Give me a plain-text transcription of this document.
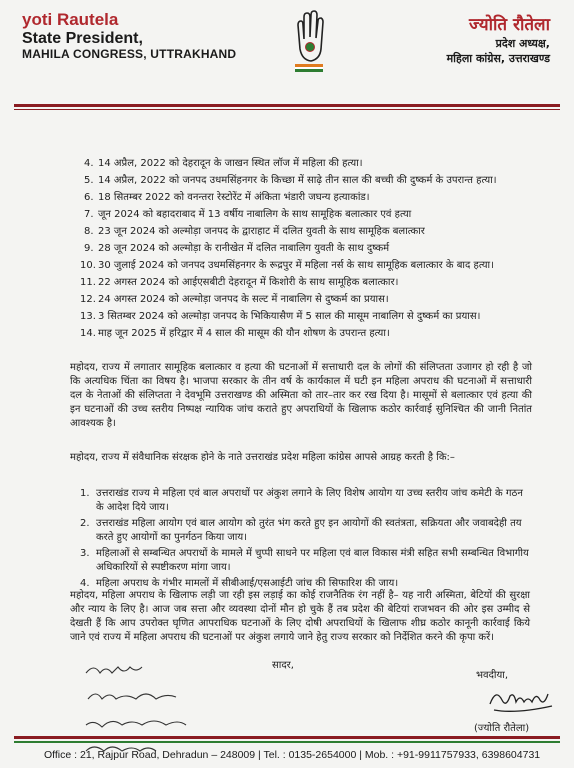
yoti Rautela
State President,
MAHILA CONGRESS, UTTRAKHAND
ज्योति रौतेला
प्रदेश अध्यक्ष,
महिला कांग्रेस, उत्तराखण्ड
4. 14 अप्रैल, 2022 को देहरादून के जाखन स्थित लॉज में महिला की हत्या।
5. 14 अप्रैल, 2022 को जनपद उधमसिंहनगर के किच्छा में साढ़े तीन साल की बच्ची की दुष्कर्म के उपरान्त हत्या।
6. 18 सितम्बर 2022 को वनन्तरा रेस्टोरेंट में अंकिता भंडारी जघन्य हत्याकांड।
7. जून 2024 को बहादराबाद में 13 वर्षीय नाबालिग के साथ सामूहिक बलात्कार एवं हत्या
8. 23 जून 2024 को अल्मोड़ा जनपद के द्वाराहाट में दलित युवती के साथ सामूहिक बलात्कार
9. 28 जून 2024 को अल्मोड़ा के रानीखेत में दलित नाबालिग युवती के साथ दुष्कर्म
10. 30 जुलाई 2024 को जनपद उधमसिंहनगर के रूद्रपुर में महिला नर्स के साथ सामूहिक बलात्कार के बाद हत्या।
11. 22 अगस्त 2024 को आईएसबीटी देहरादून में किशोरी के साथ सामूहिक बलात्कार।
12. 24 अगस्त 2024 को अल्मोड़ा जनपद के सल्ट में नाबालिग से दुष्कर्म का प्रयास।
13. 3 सितम्बर 2024 को अल्मोड़ा जनपद के भिकियासैण में 5 साल की मासूम नाबालिग से दुष्कर्म का प्रयास।
14. माह जून 2025 में हरिद्वार में 4 साल की मासूम की यौन शोषण के उपरान्त हत्या।
महोदय, राज्य में लगातार सामूहिक बलात्कार व हत्या की घटनाओं में सत्ताधारी दल के लोगों की संलिप्तता उजागर हो रही है जो कि अत्यधिक चिंता का विषय है। भाजपा सरकार के तीन वर्ष के कार्यकाल में घटी इन महिला अपराध की घटनाओं में सत्ताधारी दल के नेताओं की संलिप्तता ने देवभूमि उत्तराखण्ड की अस्मिता को तार–तार कर रख दिया है। मासूमों से बलात्कार एवं हत्या की इन घटनाओं की उच्च स्तरीय निष्पक्ष न्यायिक जांच कराते हुए अपराधियों के खिलाफ कठोर कार्रवाई सुनिश्चित की जानी नितांत आवश्यक है।
महोदय, राज्य में संवैधानिक संरक्षक होने के नाते उत्तराखंड प्रदेश महिला कांग्रेस आपसे आग्रह करती है कि:–
1. उत्तराखंड राज्य मे महिला एवं बाल अपराधों पर अंकुश लगाने के लिए विशेष आयोग या उच्च स्तरीय जांच कमेटी के गठन के आदेश दिये जाय।
2. उत्तराखंड महिला आयोग एवं बाल आयोग को तुरंत भंग करते हुए इन आयोगों की स्वतंत्रता, सक्रियता और जवाबदेही तय करते हुए आयोगों का पुनर्गठन किया जाय।
3. महिलाओं से सम्बन्धित अपराधों के मामले में चुप्पी साधने पर महिला एवं बाल विकास मंत्री सहित सभी सम्बन्धित विभागीय अधिकारियों से स्पष्टीकरण मांगा जाय।
4. महिला अपराध के गंभीर मामलों में सीबीआई/एसआईटी जांच की सिफारिश की जाय।
महोदय, महिला अपराध के खिलाफ लड़ी जा रही इस लड़ाई का कोई राजनैतिक रंग नहीं है– यह नारी अस्मिता, बेटियों की सुरक्षा और न्याय के लिए है। आज जब सत्ता और व्यवस्था दोनों मौन हो चुके हैं तब प्रदेश की बेटियां राजभवन की ओर इस उम्मीद से देखती हैं कि आप उपरोक्त घृणित आपराधिक घटनाओं के लिए दोषी अपराधियों के खिलाफ शीघ्र कठोर कानूनी कार्रवाई किये जाने एवं राज्य में महिला अपराध की घटनाओं पर अंकुश लगाये जाने हेतु राज्य सरकार को निर्देशित करने की कृपा करें।
सादर,
भवदीया,
(ज्योति रौतेला)
Office : 21, Rajpur Road, Dehradun – 248009 | Tel. : 0135-2654000 | Mob. : +91-9911757933, 6398604731
